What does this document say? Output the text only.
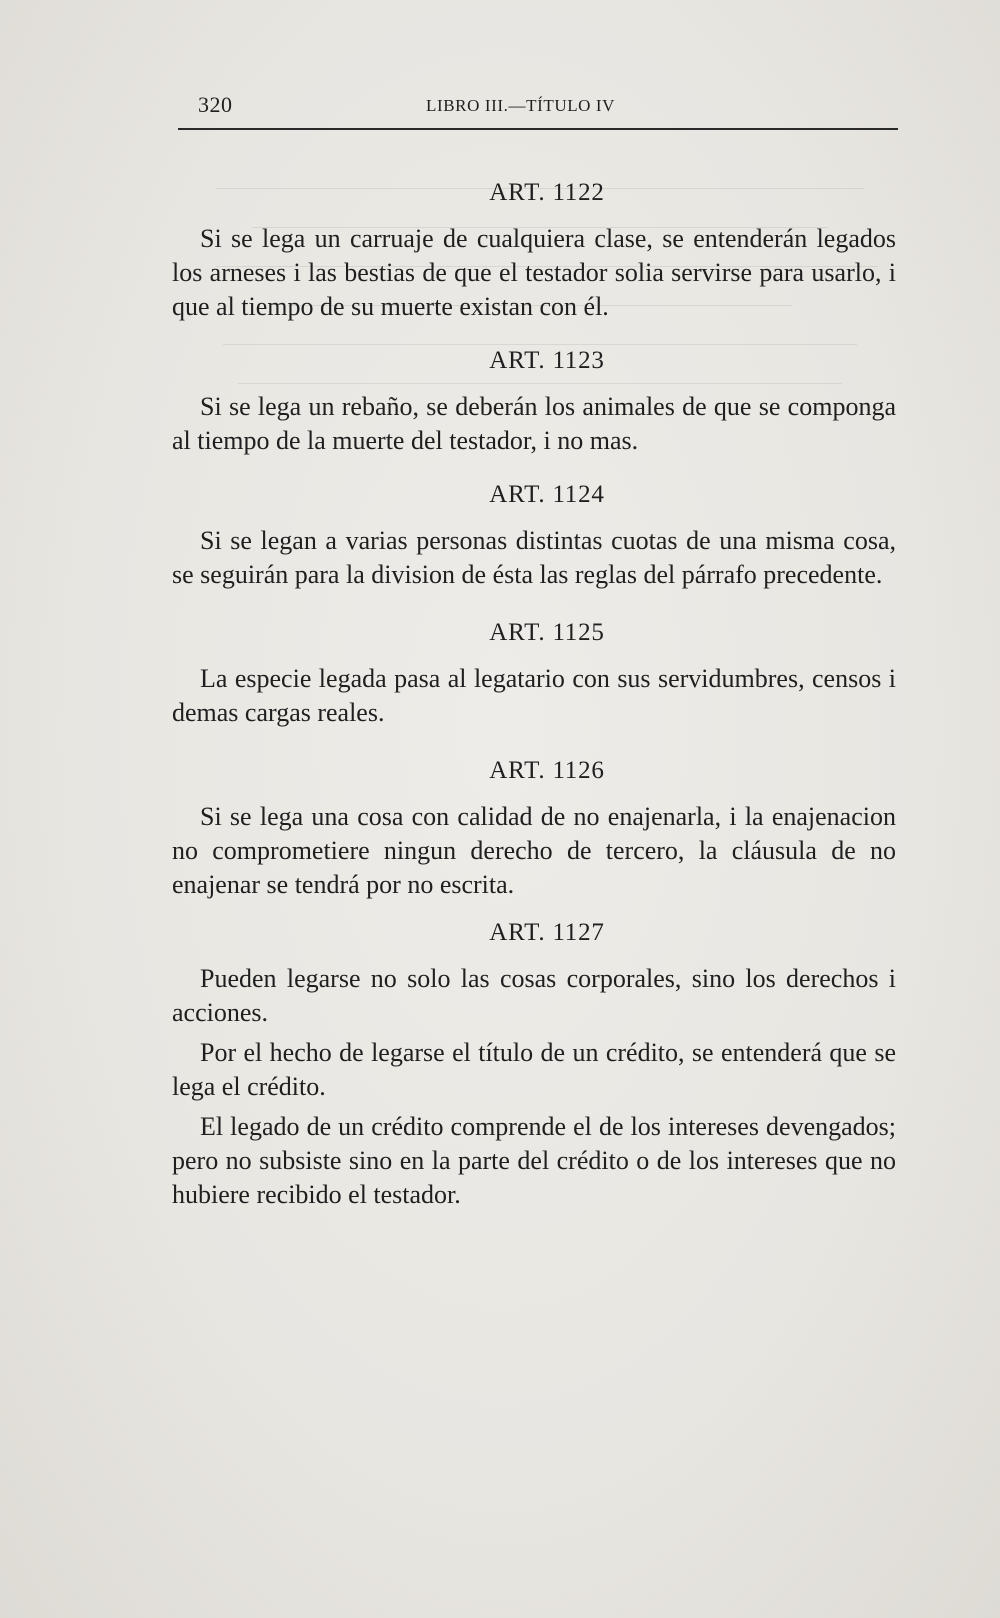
320	LIBRO III.—TÍTULO IV
ART. 1122

Si se lega un carruaje de cualquiera clase, se entenderán legados los arneses i las bestias de que el testador solia servirse para usarlo, i que al tiempo de su muerte existan con él.

ART. 1123

Si se lega un rebaño, se deberán los animales de que se componga al tiempo de la muerte del testador, i no mas.

ART. 1124

Si se legan a varias personas distintas cuotas de una misma cosa, se seguirán para la division de ésta las reglas del párrafo precedente.

ART. 1125

La especie legada pasa al legatario con sus servidumbres, censos i demas cargas reales.

ART. 1126

Si se lega una cosa con calidad de no enajenarla, i la enajenacion no comprometiere ningun derecho de tercero, la cláusula de no enajenar se tendrá por no escrita.

ART. 1127

Pueden legarse no solo las cosas corporales, sino los derechos i acciones.

Por el hecho de legarse el título de un crédito, se entenderá que se lega el crédito.

El legado de un crédito comprende el de los intereses devengados; pero no subsiste sino en la parte del crédito o de los intereses que no hubiere recibido el testador.
